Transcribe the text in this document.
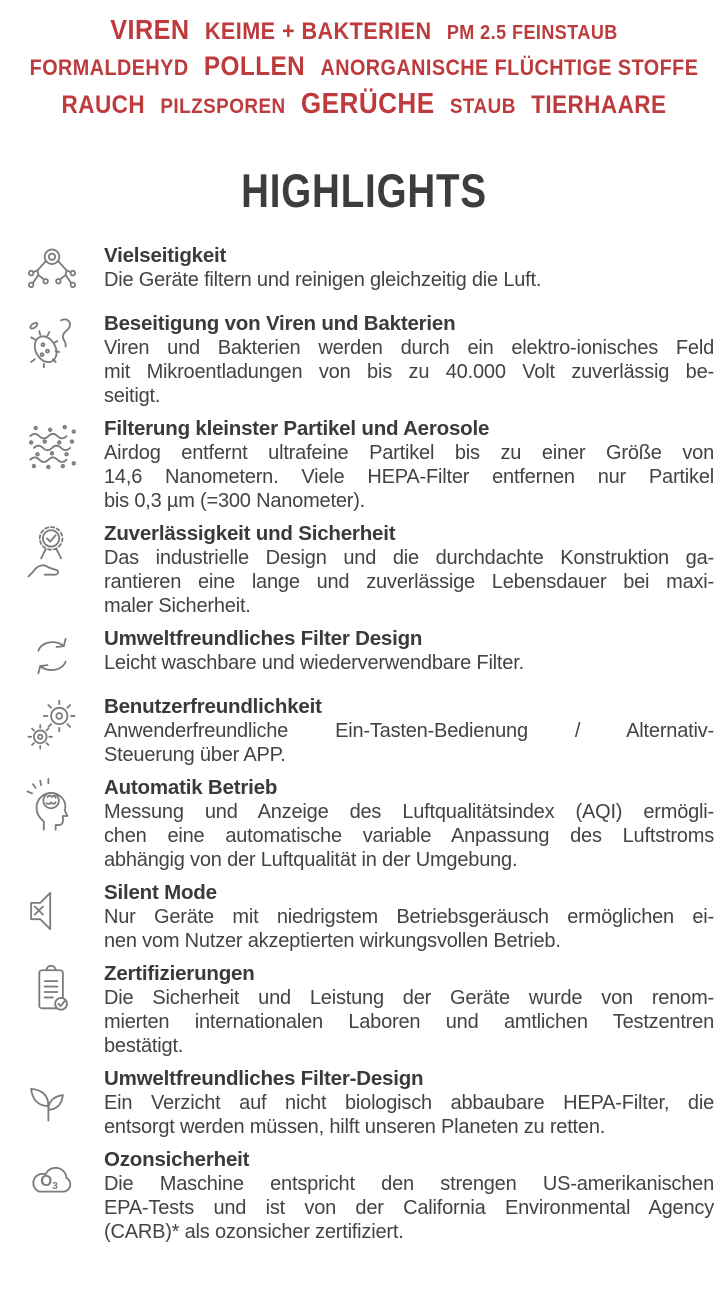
VIREN KEIME + BAKTERIEN PM 2.5 FEINSTAUB
FORMALDEHYD POLLEN ANORGANISCHE FLÜCHTIGE STOFFE
RAUCH PILZSPOREN GERÜCHE STAUB TIERHAARE
HIGHLIGHTS
Vielseitigkeit
Die Geräte filtern und reinigen gleichzeitig die Luft.
Beseitigung von Viren und Bakterien
Viren und Bakterien werden durch ein elektro-ionisches Feld
mit Mikroentladungen von bis zu 40.000 Volt zuverlässig be-
seitigt.
Filterung kleinster Partikel und Aerosole
Airdog entfernt ultrafeine Partikel bis zu einer Größe von
14,6 Nanometern. Viele HEPA-Filter entfernen nur Partikel
bis 0,3 µm (=300 Nanometer).
Zuverlässigkeit und Sicherheit
Das industrielle Design und die durchdachte Konstruktion ga-
rantieren eine lange und zuverlässige Lebensdauer bei maxi-
maler Sicherheit.
Umweltfreundliches Filter Design
Leicht waschbare und wiederverwendbare Filter.
Benutzerfreundlichkeit
Anwenderfreundliche Ein-Tasten-Bedienung / Alternativ-
Steuerung über APP.
Automatik Betrieb
Messung und Anzeige des Luftqualitätsindex (AQI) ermögli-
chen eine automatische variable Anpassung des Luftstroms
abhängig von der Luftqualität in der Umgebung.
Silent Mode
Nur Geräte mit niedrigstem Betriebsgeräusch ermöglichen ei-
nen vom Nutzer akzeptierten wirkungsvollen Betrieb.
Zertifizierungen
Die Sicherheit und Leistung der Geräte wurde von renom-
mierten internationalen Laboren und amtlichen Testzentren
bestätigt.
Umweltfreundliches Filter-Design
Ein Verzicht auf nicht biologisch abbaubare HEPA-Filter, die
entsorgt werden müssen, hilft unseren Planeten zu retten.
O3
Ozonsicherheit
Die Maschine entspricht den strengen US-amerikanischen
EPA-Tests und ist von der California Environmental Agency
(CARB)* als ozonsicher zertifiziert.
